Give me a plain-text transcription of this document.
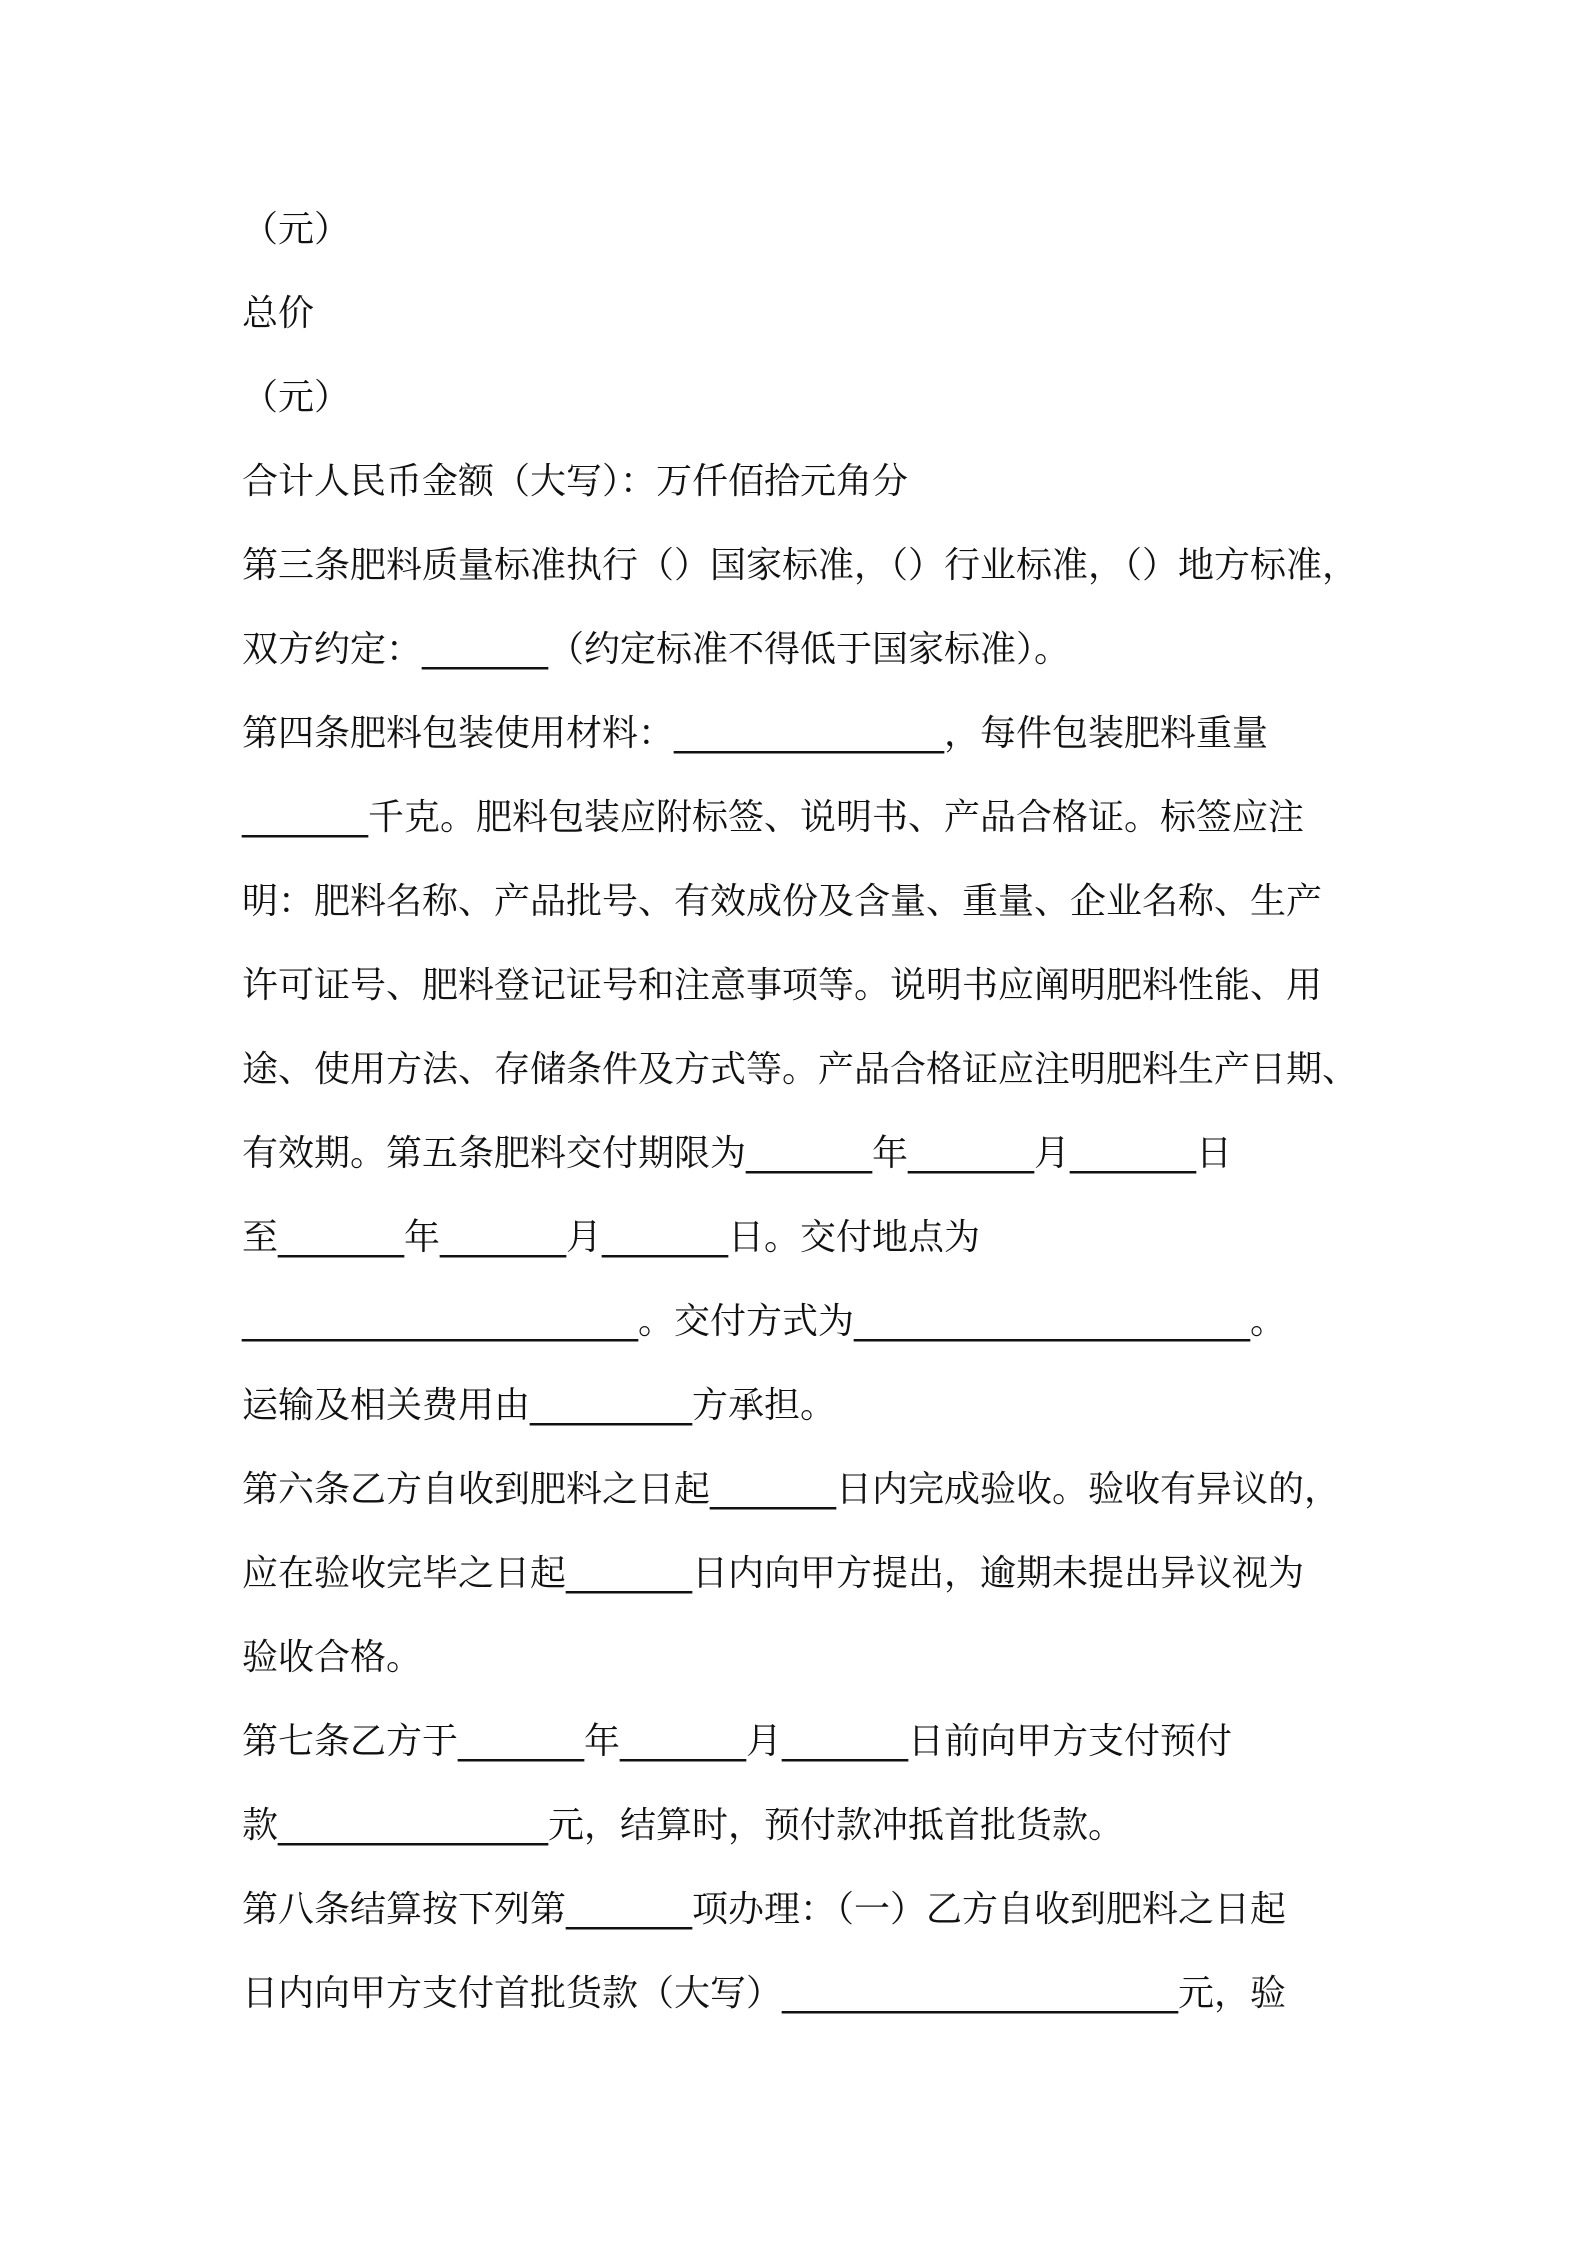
（元）

总价

（元）

合计人民币金额（大写）：万仟佰拾元角分

第三条肥料质量标准执行（）国家标准，（）行业标准，（）地方标准，

双方约定：_______（约定标准不得低于国家标准）。

第四条肥料包装使用材料：_______________，每件包装肥料重量

_______千克。肥料包装应附标签、说明书、产品合格证。标签应注

明：肥料名称、产品批号、有效成份及含量、重量、企业名称、生产

许可证号、肥料登记证号和注意事项等。说明书应阐明肥料性能、用

途、使用方法、存储条件及方式等。产品合格证应注明肥料生产日期、

有效期。第五条肥料交付期限为_______年_______月_______日

至_______年_______月_______日。交付地点为

______________________。交付方式为______________________。

运输及相关费用由_________方承担。

第六条乙方自收到肥料之日起_______日内完成验收。验收有异议的，

应在验收完毕之日起_______日内向甲方提出，逾期未提出异议视为

验收合格。

第七条乙方于_______年_______月_______日前向甲方支付预付

款_______________元，结算时，预付款冲抵首批货款。

第八条结算按下列第_______项办理：（一）乙方自收到肥料之日起

日内向甲方支付首批货款（大写）______________________元，验
